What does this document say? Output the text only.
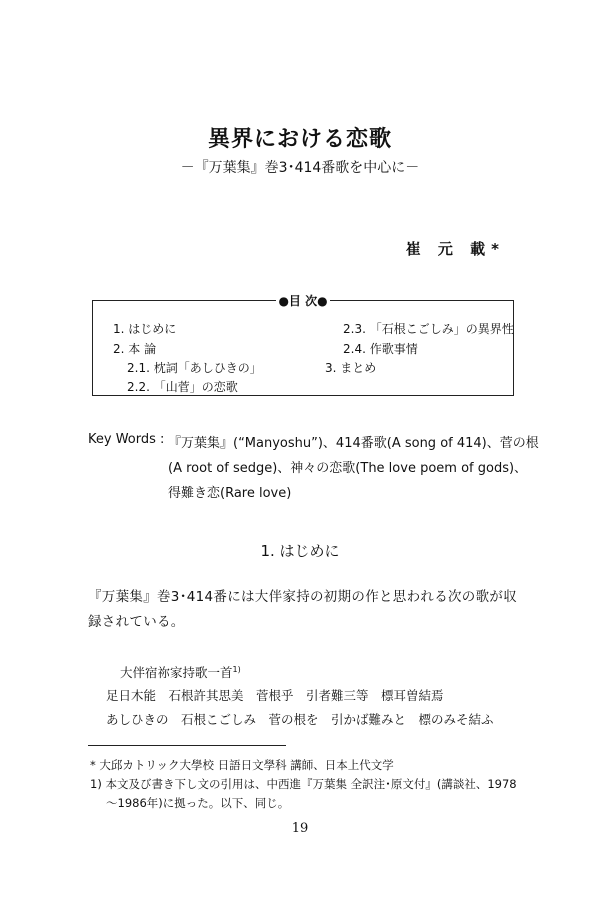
異界における恋歌
－『万葉集』巻3･414番歌を中心に－
崔 元 載*
●目 次●
1. はじめに
2. 本 論
2.1. 枕詞「あしひきの」
2.2. 「山菅」の恋歌
2.3. 「石根こごしみ」の異界性
2.4. 作歌事情
3. まとめ
Key Words : 『万葉集』(“Manyoshu”)、414番歌(A song of 414)、菅の根
(A root of sedge)、神々の恋歌(The love poem of gods)、
得難き恋(Rare love)
1. はじめに
『万葉集』巻3･414番には大伴家持の初期の作と思われる次の歌が収
録されている。
大伴宿祢家持歌一首$^{1)}$
足日木能　石根許其思美　菅根乎　引者難三等　標耳曽結焉
あしひきの　石根こごしみ　菅の根を　引かば難みと　標のみそ結ふ
* 大邱カトリック大學校 日語日文學科 講師、日本上代文学
1) 本文及び書き下し文の引用は、中西進『万葉集 全訳注･原文付』(講談社、1978
～1986年)に拠った。以下、同じ。
19
